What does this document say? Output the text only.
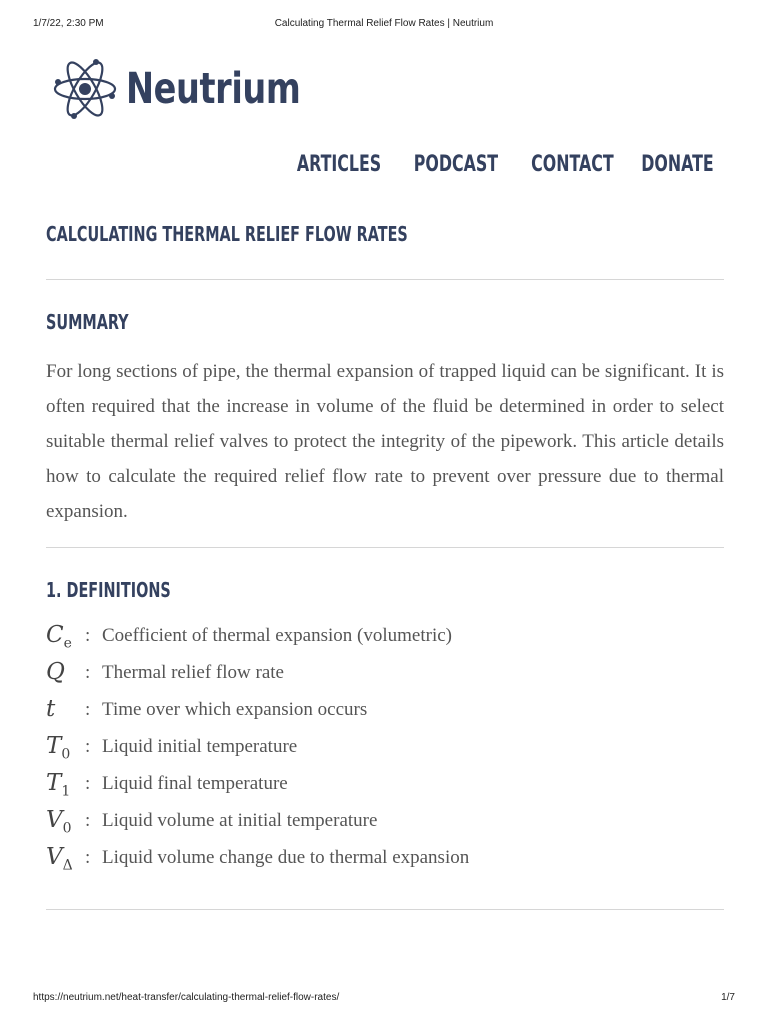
1/7/22, 2:30 PM	Calculating Thermal Relief Flow Rates | Neutrium
Neutrium
ARTICLES PODCAST CONTACT DONATE
CALCULATING THERMAL RELIEF FLOW RATES
SUMMARY

For long sections of pipe, the thermal expansion of trapped liquid can be significant. It is often required that the increase in volume of the fluid be determined in order to select suitable thermal relief valves to protect the integrity of the pipework. This article details how to calculate the required relief flow rate to prevent over pressure due to thermal expansion.

1. DEFINITIONS
$C_e$ : Coefficient of thermal expansion (volumetric)
Q : Thermal relief flow rate
t : Time over which expansion occurs
$T_0$ : Liquid initial temperature
$T_1$ : Liquid final temperature
$V_0$ : Liquid volume at initial temperature
$V_\Delta$ : Liquid volume change due to thermal expansion
https://neutrium.net/heat-transfer/calculating-thermal-relief-flow-rates/	1/7
